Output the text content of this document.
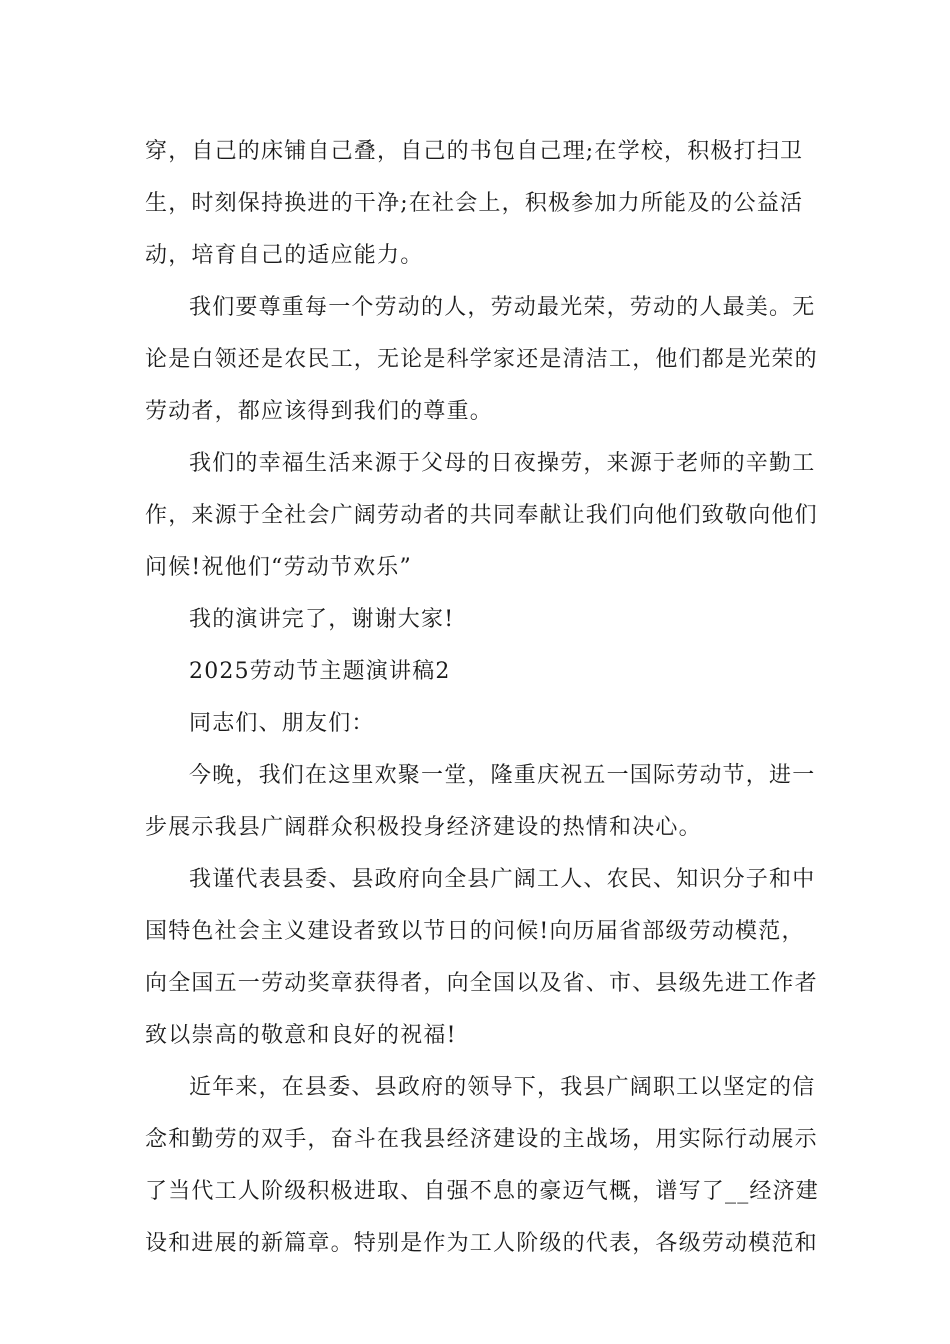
穿，自己的床铺自己叠，自己的书包自己理;在学校，积极打扫卫生，时刻保持换进的干净;在社会上，积极参加力所能及的公益活动，培育自己的适应能力。

我们要尊重每一个劳动的人，劳动最光荣，劳动的人最美。无论是白领还是农民工，无论是科学家还是清洁工，他们都是光荣的劳动者，都应该得到我们的尊重。

我们的幸福生活来源于父母的日夜操劳，来源于老师的辛勤工作，来源于全社会广阔劳动者的共同奉献让我们向他们致敬向他们问候!祝他们“劳动节欢乐”

我的演讲完了，谢谢大家!

2025劳动节主题演讲稿2

同志们、朋友们：

今晚，我们在这里欢聚一堂，隆重庆祝五一国际劳动节，进一步展示我县广阔群众积极投身经济建设的热情和决心。

我谨代表县委、县政府向全县广阔工人、农民、知识分子和中国特色社会主义建设者致以节日的问候!向历届省部级劳动模范，向全国五一劳动奖章获得者，向全国以及省、市、县级先进工作者致以崇高的敬意和良好的祝福!

近年来，在县委、县政府的领导下，我县广阔职工以坚定的信念和勤劳的双手，奋斗在我县经济建设的主战场，用实际行动展示了当代工人阶级积极进取、自强不息的豪迈气概，谱写了__经济建设和进展的新篇章。特别是作为工人阶级的代表，各级劳动模范和
